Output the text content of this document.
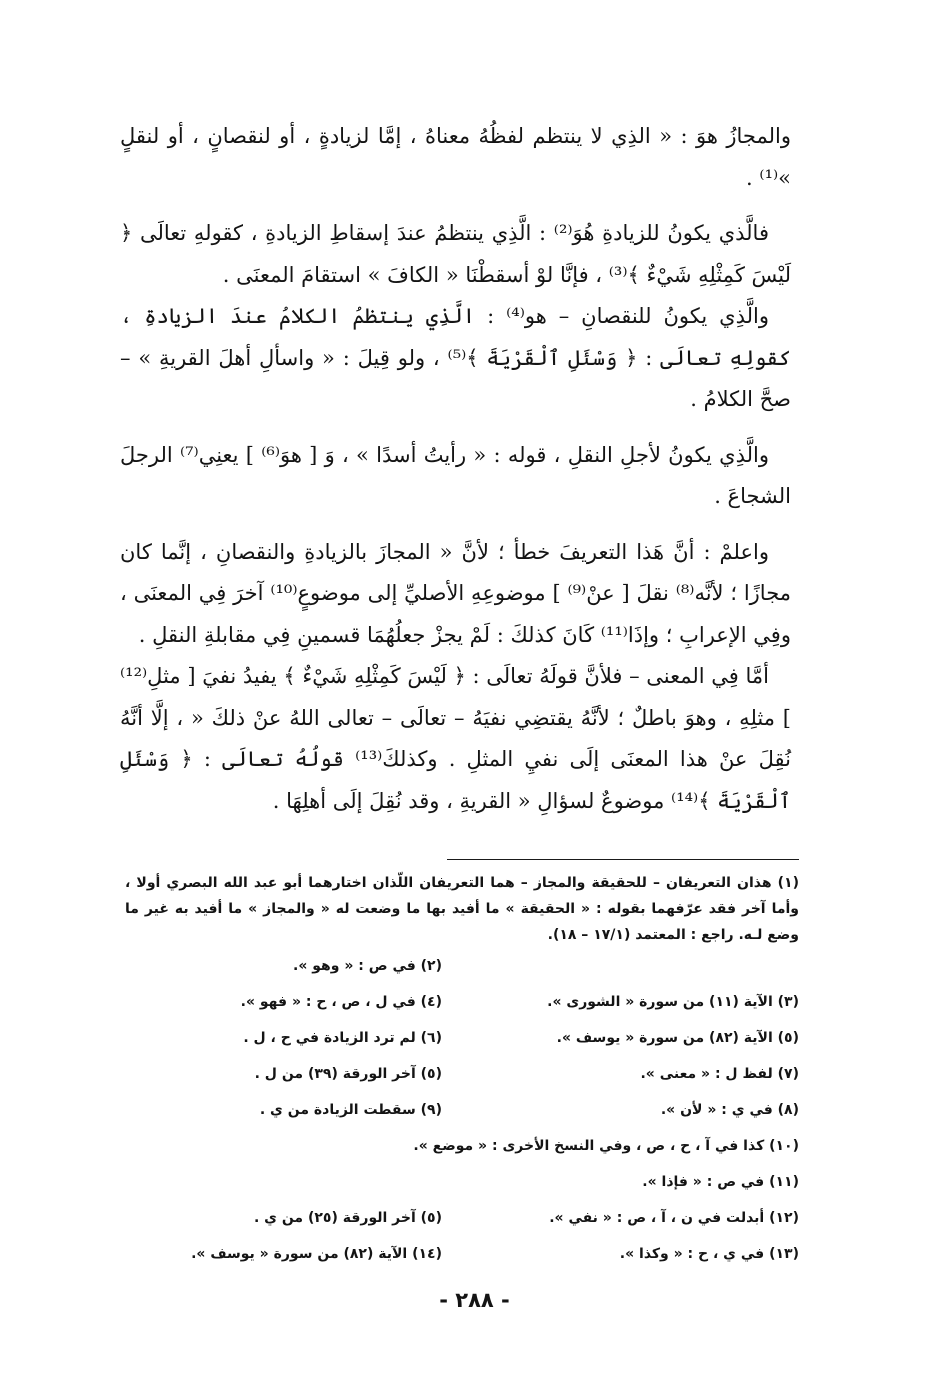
والمجازُ هوَ : « الذِي لا ينتظم لفظُهُ معناهُ ، إمَّا لزيادةٍ ، أو لنقصانٍ ، أو لنقلٍ »⁽¹⁾ .

فالَّذي يكونُ للزيادةِ هُوَ⁽²⁾ : الَّذِي ينتظمُ عندَ إسقاطِ الزيادةِ ، كقولهِ تعالَى ﴿ لَيْسَ كَمِثْلِهِ شَيْءٌ ﴾⁽³⁾ ، فإنَّا لوْ أسقطْنَا « الكافَ » استقامَ المعنَى .

والَّذِي يكونُ للنقصانِ – هو⁽⁴⁾ : الَّذِي ينتظمُ الكلامُ عندَ الزيادةِ ، كقولِهِ تعالَى : ﴿ وَسْئَلِ ٱلْقَرْيَةَ ﴾⁽⁵⁾ ، ولو قِيلَ : « واسألِ أهلَ القريةِ » – صحَّ الكلامُ .

والَّذِي يكونُ لأجلِ النقلِ ، قوله : « رأيتُ أسدًا » ، وَ [ هوَ⁽⁶⁾ ] يعنِي⁽⁷⁾ الرجلَ الشجاعَ .

واعلمْ : أنَّ هَذا التعريفَ خطأ ؛ لأنَّ « المجازَ بالزيادةِ والنقصانِ ، إنَّما كان مجازًا ؛ لأنَّه⁽⁸⁾ نقلَ [ عنْ⁽⁹⁾ ] موضوعِهِ الأصليِّ إلى موضوعٍ⁽¹⁰⁾ آخرَ فِي المعنَى ، وفِي الإعرابِ ؛ وإذَا⁽¹¹⁾ كَانَ كذلكَ : لَمْ يجزْ جعلُهُمَا قسمينِ فِي مقابلةِ النقلِ .

أمَّا فِي المعنى – فلأنَّ قولَهُ تعالَى : ﴿ لَيْسَ كَمِثْلِهِ شَيْءٌ ﴾ يفيدُ نفيَ [ مثلِ⁽¹²⁾ ] مثلِهِ ، وهوَ باطلٌ ؛ لأنَّهُ يقتضِي نفيَهُ – تعالَى – تعالى اللهُ عنْ ذلكَ « ، إلَّا أنَّهُ نُقِلَ عنْ هذا المعنَى إلَى نفيِ المثلِ . وكذلكَ⁽¹³⁾ قولُهُ تعالَى : ﴿ وَسْئَلِ ٱلْقَرْيَةَ ﴾⁽¹⁴⁾ موضوعٌ لسؤالِ « القريةِ ، وقد نُقِلَ إلَى أهلِهَا .

(١) هذان التعريفان – للحقيقة والمجاز – هما التعريفان اللّذان اختارهما أبو عبد الله البصري أولا ، وأما آخر فقد عرّفهما بقوله : « الحقيقة » ما أفيد بها ما وضعت له « والمجاز » ما أفيد به غير ما وضع لـه. راجع : المعتمد (١٧/١ – ١٨).

(٢) في ص : « وهو ».
(٣) الآية (١١) من سورة « الشورى ».
(٤) في ل ، ص ، ح : « فهو ».
(٥) الآية (٨٢) من سورة « يوسف ».
(٦) لم ترد الزيادة في ح ، ل .
(٧) لفظ ل : « معنى ».
(٥) آخر الورقة (٣٩) من ل .
(٨) في ي : « لأن ».
(٩) سقطت الزيادة من ي .
(١٠) كذا في آ ، ح ، ص ، وفي النسخ الأخرى : « موضع ».
(١١) في ص : « فإذا ».
(١٢) أبدلت في ن ، آ ، ص : « نفي ».
(٥) آخر الورقة (٢٥) من ي .
(١٣) في ي ، ح : « وكذا ».
(١٤) الآية (٨٢) من سورة « يوسف ».
- ٢٨٨ -
